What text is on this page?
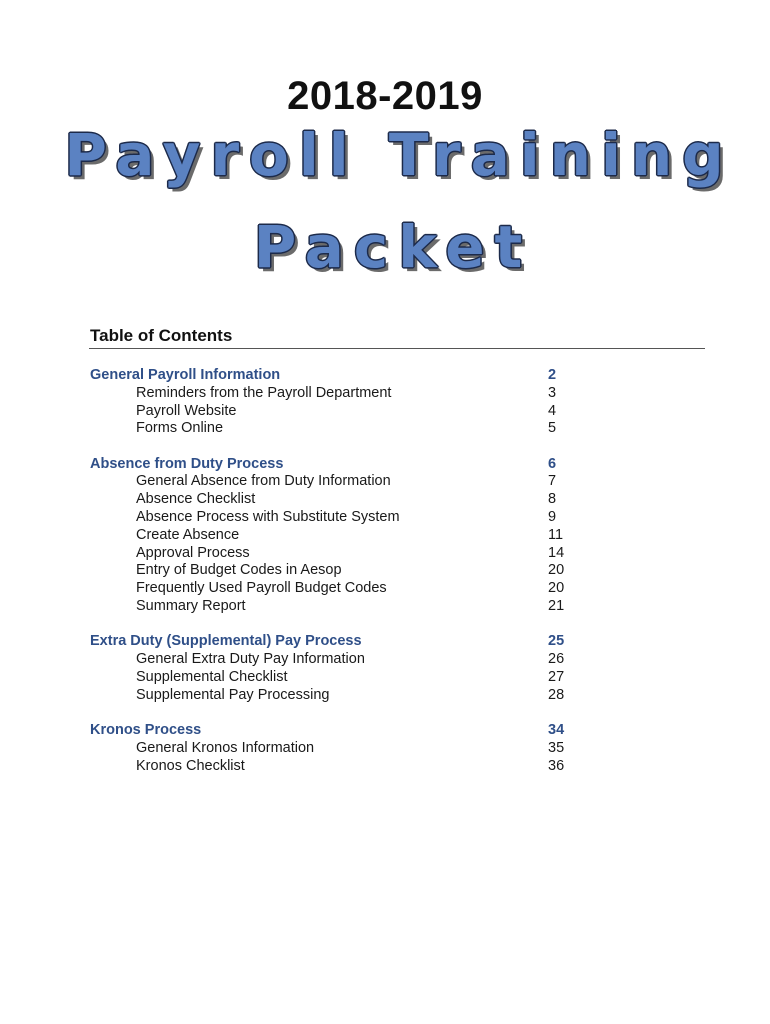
2018-2019
Payroll Training
Packet
Table of Contents
General Payroll Information	2
Reminders from the Payroll Department	3
Payroll Website	4
Forms Online	5
Absence from Duty Process	6
General Absence from Duty Information	7
Absence Checklist	8
Absence Process with Substitute System	9
Create Absence	11
Approval Process	14
Entry of Budget Codes in Aesop	20
Frequently Used Payroll Budget Codes	20
Summary Report	21
Extra Duty (Supplemental) Pay Process	25
General Extra Duty Pay Information	26
Supplemental Checklist	27
Supplemental Pay Processing	28
Kronos Process	34
General Kronos Information	35
Kronos Checklist	36
